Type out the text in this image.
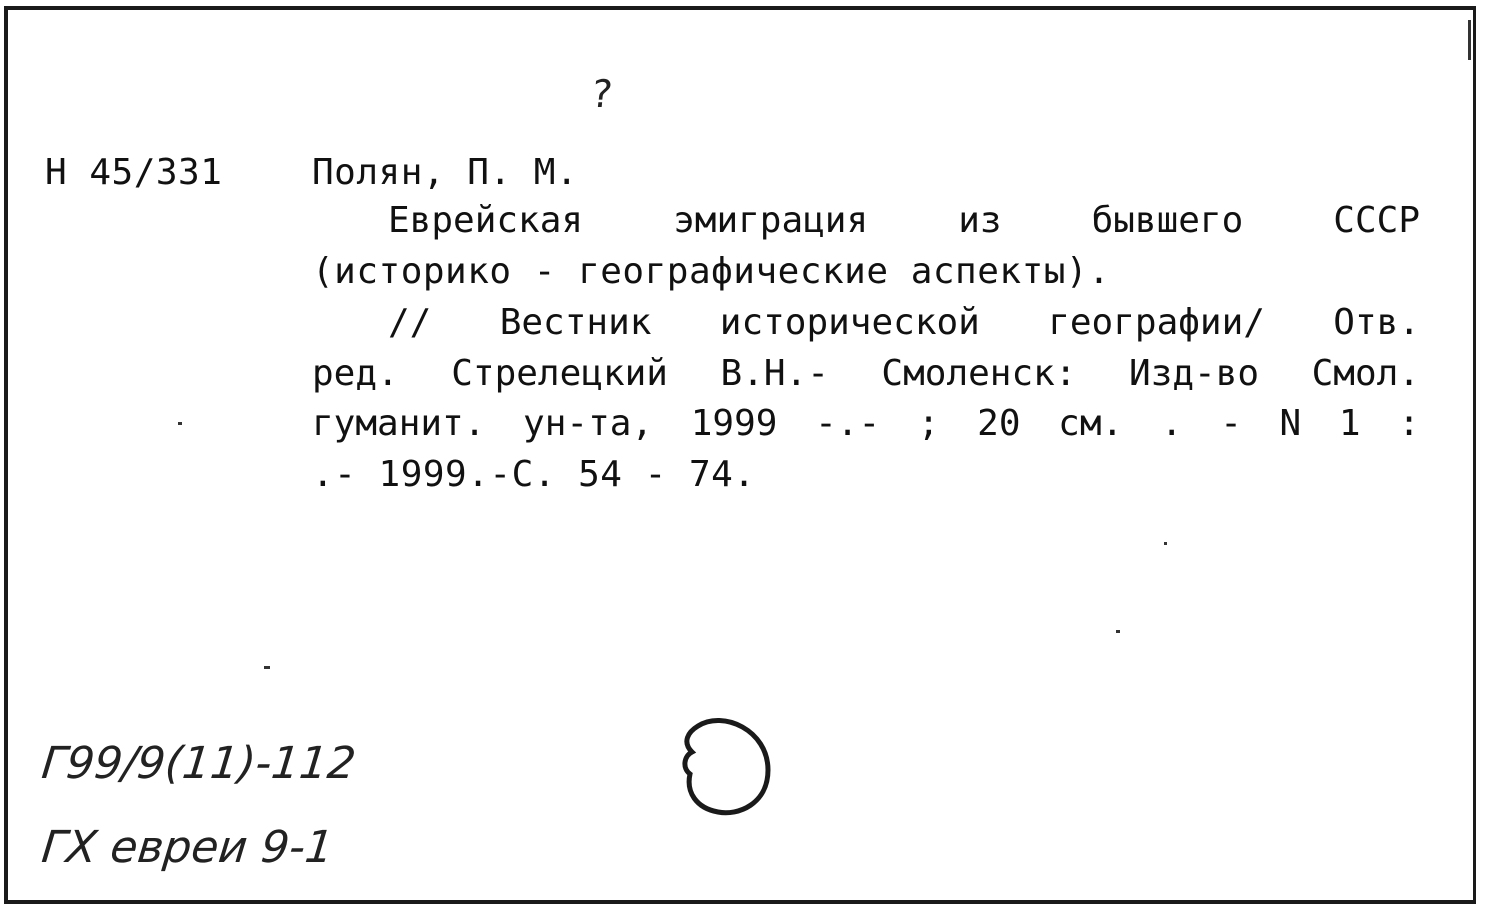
?
Н 45/331 Полян, П. М.
Еврейская	эмиграция	из	бывшего	СССР
(историко - географические аспекты).
// Вестник исторической географии/ Отв.
ред. Стрелецкий В.Н.- Смоленск: Изд-во Смол.
гуманит. ун-та, 1999 -.- ; 20 см. . - N 1 :
.- 1999.-С. 54 - 74.
Г99/9(11)-112
ГХ евреи 9-1
